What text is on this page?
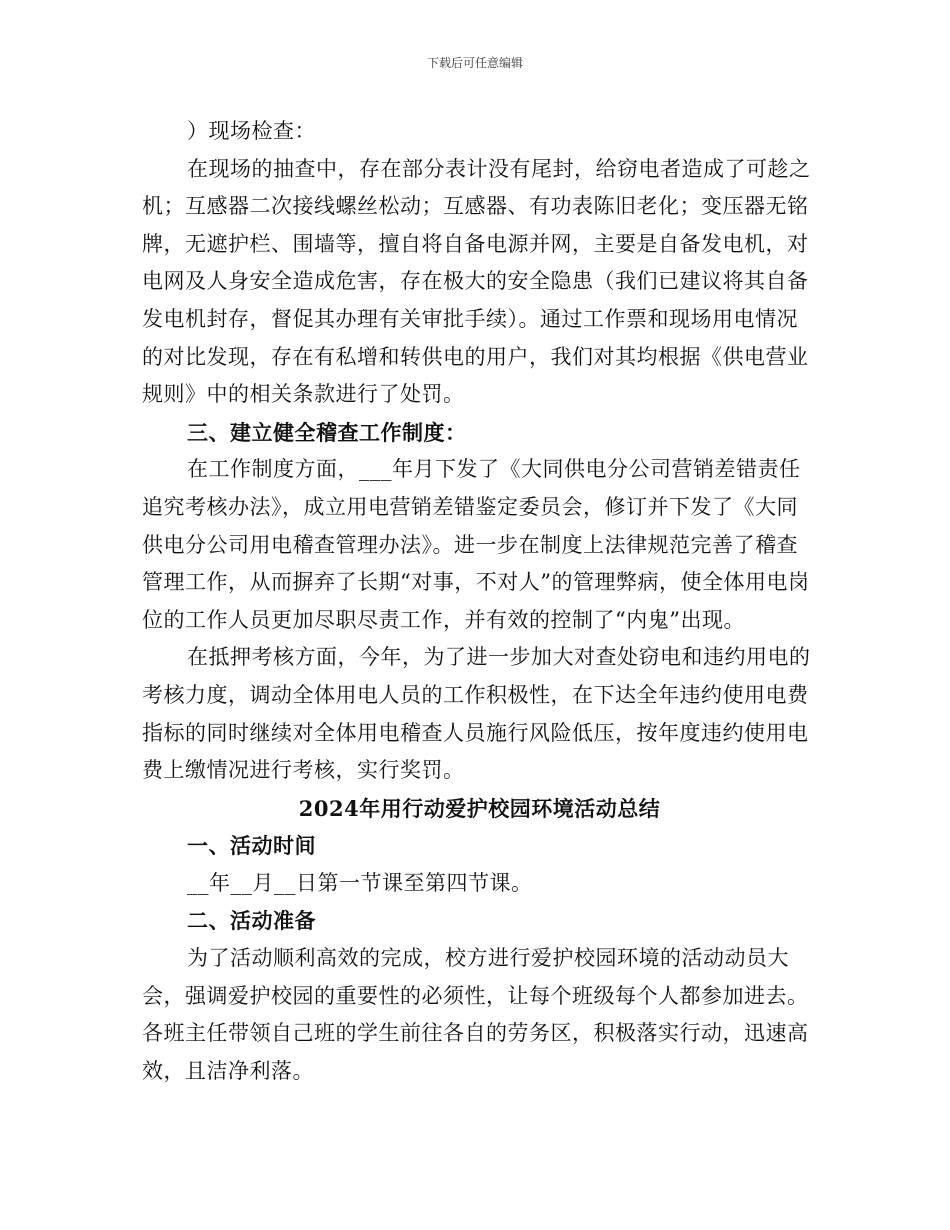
下载后可任意编辑

）现场检查：

在现场的抽查中，存在部分表计没有尾封，给窃电者造成了可趁之机；互感器二次接线螺丝松动；互感器、有功表陈旧老化；变压器无铭牌，无遮护栏、围墙等，擅自将自备电源并网，主要是自备发电机，对电网及人身安全造成危害，存在极大的安全隐患（我们已建议将其自备发电机封存，督促其办理有关审批手续）。通过工作票和现场用电情况的对比发现，存在有私增和转供电的用户，我们对其均根据《供电营业规则》中的相关条款进行了处罚。

三、建立健全稽查工作制度：

在工作制度方面，___年月下发了《大同供电分公司营销差错责任追究考核办法》，成立用电营销差错鉴定委员会，修订并下发了《大同供电分公司用电稽查管理办法》。进一步在制度上法律规范完善了稽查管理工作，从而摒弃了长期“对事，不对人”的管理弊病，使全体用电岗位的工作人员更加尽职尽责工作，并有效的控制了“内鬼”出现。

在抵押考核方面，今年，为了进一步加大对查处窃电和违约用电的考核力度，调动全体用电人员的工作积极性，在下达全年违约使用电费指标的同时继续对全体用电稽查人员施行风险低压，按年度违约使用电费上缴情况进行考核，实行奖罚。

2024年用行动爱护校园环境活动总结

一、活动时间

__年__月__日第一节课至第四节课。

二、活动准备

为了活动顺利高效的完成，校方进行爱护校园环境的活动动员大会，强调爱护校园的重要性的必须性，让每个班级每个人都参加进去。各班主任带领自己班的学生前往各自的劳务区，积极落实行动，迅速高效，且洁净利落。
